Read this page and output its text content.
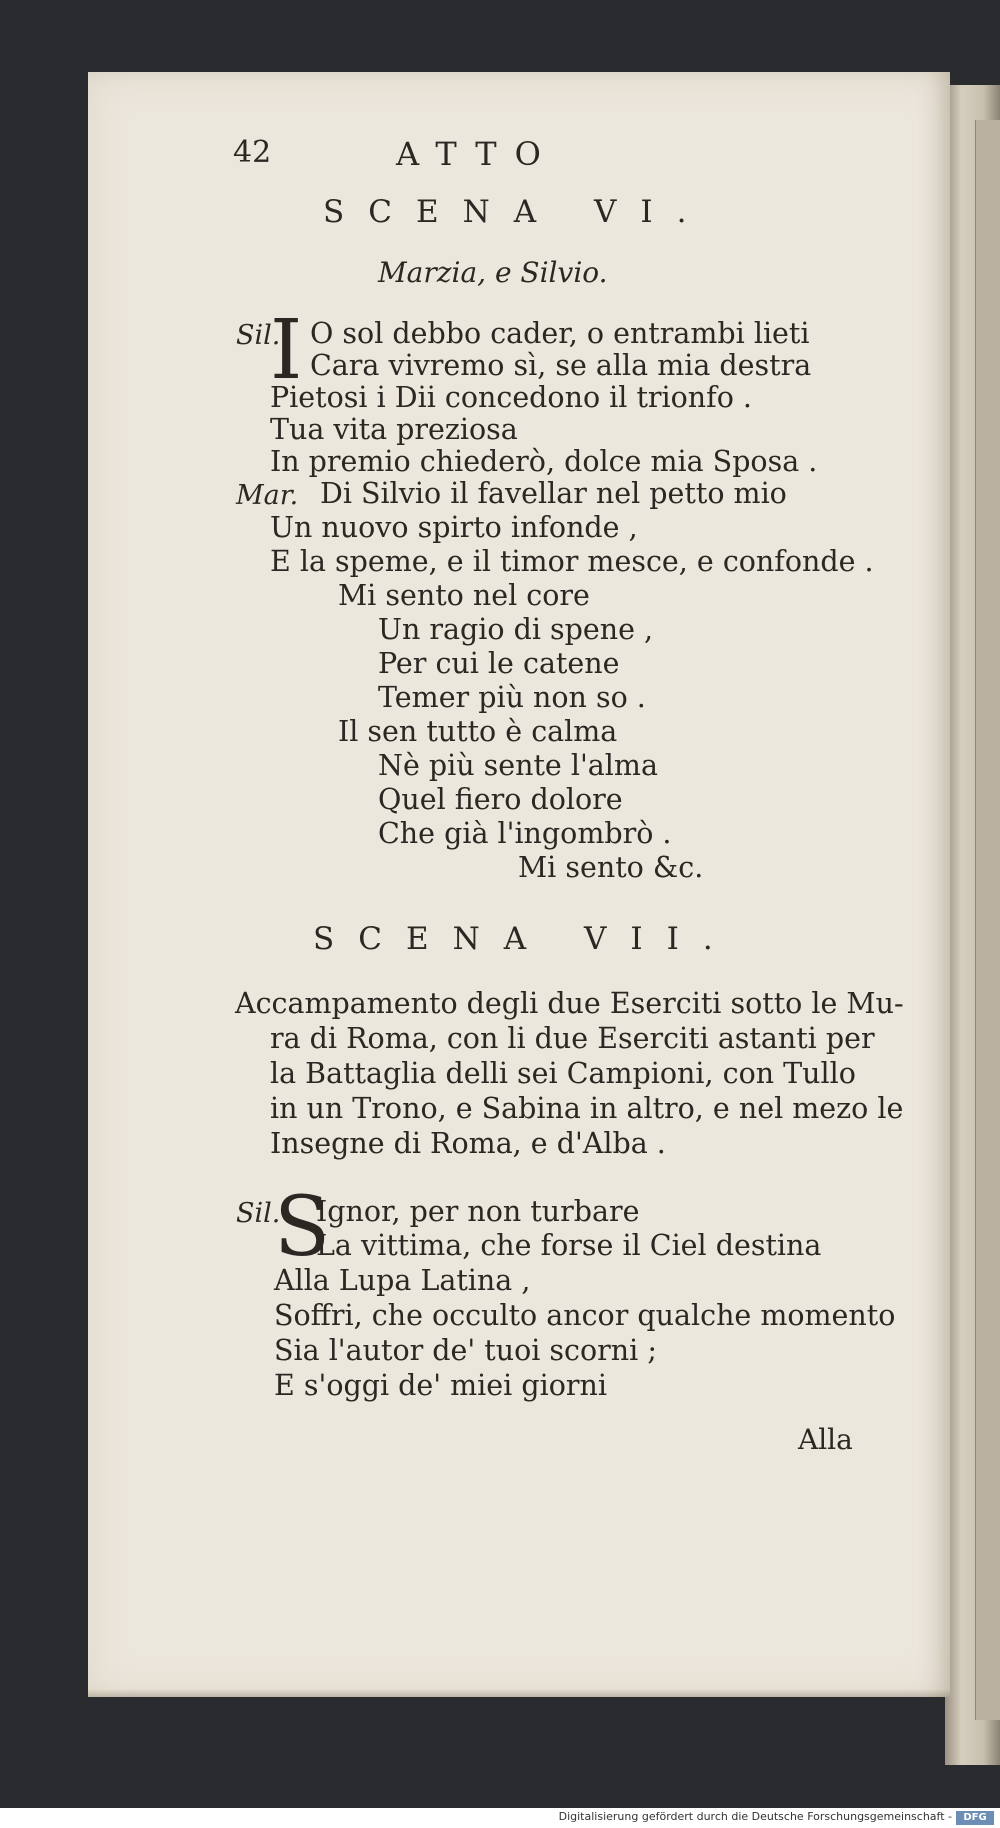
42	ATTO
SCENA VI.
Marzia, e Silvio.
Sil.
I O sol debbo cader, o entrambi lieti
Cara vivremo sì, se alla mia destra
Pietosi i Dii concedono il trionfo .
Tua vita preziosa
In premio chiederò, dolce mia Sposa .
Mar. Di Silvio il favellar nel petto mio
Un nuovo spirto infonde ,
E la speme, e il timor mesce, e confonde .
Mi sento nel core
Un ragio di spene ,
Per cui le catene
Temer più non so .
Il sen tutto è calma
Nè più sente l'alma
Quel fiero dolore
Che già l'ingombrò .
Mi sento &c.
SCENA VII.
Accampamento degli due Eserciti sotto le Mu-
ra di Roma, con li due Eserciti astanti per
la Battaglia delli sei Campioni, con Tullo
in un Trono, e Sabina in altro, e nel mezo le
Insegne di Roma, e d'Alba .
Sil.
S
Ignor, per non turbare
La vittima, che forse il Ciel destina
Alla Lupa Latina ,
Soffri, che occulto ancor qualche momento
Sia l'autor de' tuoi scorni ;
E s'oggi de' miei giorni
Alla
Digitalisierung gefördert durch die Deutsche Forschungsgemeinschaft -	DFG
